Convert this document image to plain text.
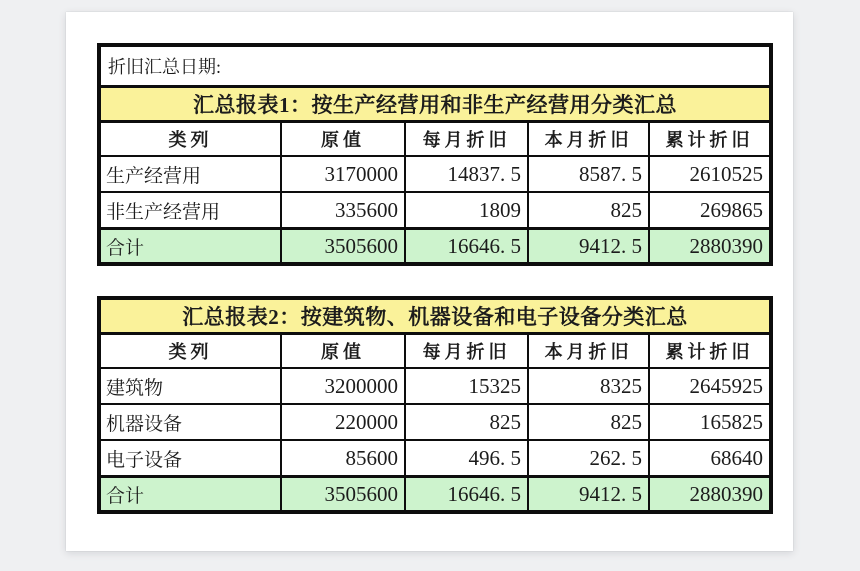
折旧汇总日期:				
汇总报表1：按生产经营用和非生产经营用分类汇总				
类列	原值	每月折旧	本月折旧	累计折旧
生产经营用	3170000	14837. 5	8587. 5	2610525
非生产经营用	335600	1809	825	269865
合计	3505600	16646. 5	9412. 5	2880390
汇总报表2：按建筑物、机器设备和电子设备分类汇总				
类列	原值	每月折旧	本月折旧	累计折旧
建筑物	3200000	15325	8325	2645925
机器设备	220000	825	825	165825
电子设备	85600	496. 5	262. 5	68640
合计	3505600	16646. 5	9412. 5	2880390
